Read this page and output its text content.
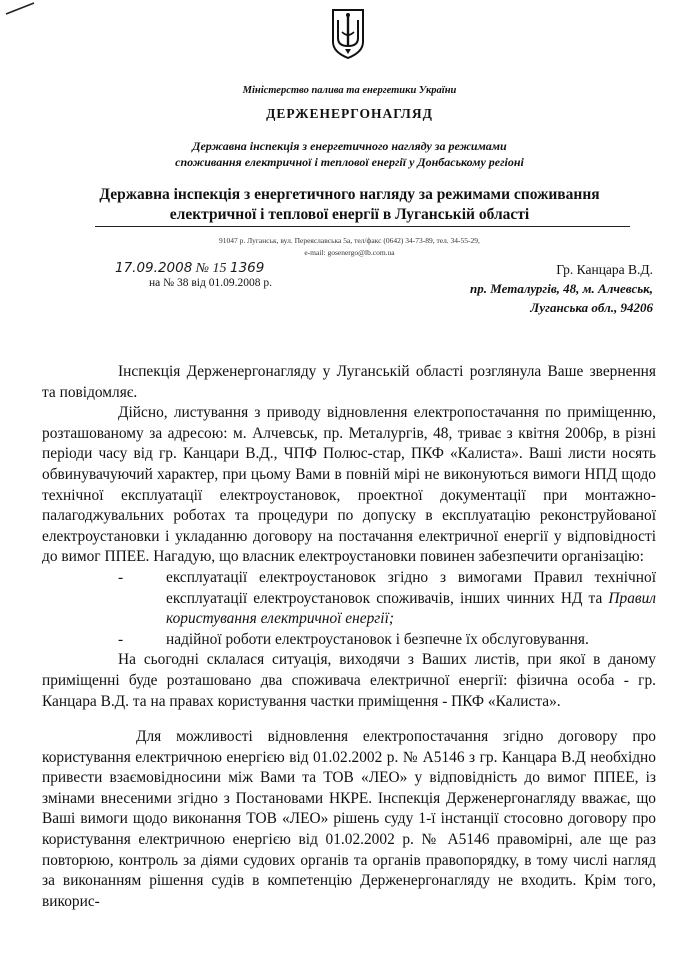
Міністерство палива та енергетики України
ДЕРЖЕНЕРГОНАГЛЯД
Державна інспекція з енергетичного нагляду за режимами
споживання електричної і теплової енергії у Донбаському регіоні
Державна інспекція з енергетичного нагляду за режимами споживання
електричної і теплової енергії в Луганській області
91047 р. Луганськ, вул. Переяславська 5а, тел/факс (0642) 34-73-89, тел. 34-55-29,
e-mail: gosenergo@lb.com.ua
17.09.2008 № 15 1369
на № 38 від 01.09.2008 р.
Гр. Канцара В.Д.
пр. Металургів, 48, м. Алчевськ,
Луганська обл., 94206

Інспекція Держенергонагляду у Луганській області розглянула Ваше звернення та повідомляє.

Дійсно, листування з приводу відновлення електропостачання по приміщенню, розташованому за адресою: м. Алчевськ, пр. Металургів, 48, триває з квітня 2006р, в різні періоди часу від гр. Канцари В.Д., ЧПФ Полюс-стар, ПКФ «Калиста». Ваші листи носять обвинувачуючий характер, при цьому Вами в повній мірі не виконуються вимоги НПД щодо технічної експлуатації електроустановок, проектної документації при монтажно-палагоджувальних роботах та процедури по допуску в експлуатацію реконструйованої електроустановки і укладанню договору на постачання електричної енергії у відповідності до вимог ППЕЕ. Нагадую, що власник електроустановки повинен забезпечити організацію:

-	експлуатації електроустановок згідно з вимогами Правил технічної експлуатації електроустановок споживачів, інших чинних НД та Правил користування електричної енергії;
-	надійної роботи електроустановок і безпечне їх обслуговування.

На сьогодні склалася ситуація, виходячи з Ваших листів, при якої в даному приміщенні буде розташовано два споживача електричної енергії: фізична особа - гр. Канцара В.Д. та на правах користування частки приміщення - ПКФ «Калиста».

Для можливості відновлення електропостачання згідно договору про користування електричною енергією від 01.02.2002 р. № А5146 з гр. Канцара В.Д необхідно привести взаємовідносини між Вами та ТОВ «ЛЕО» у відповідність до вимог ППЕЕ, із змінами внесеними згідно з Постановами НКРЕ. Інспекція Держенергонагляду вважає, що Ваші вимоги щодо виконання ТОВ «ЛЕО» рішень суду 1-ї інстанції стосовно договору про користування електричною енергією від 01.02.2002 р. № А5146 правомірні, але ще раз повторюю, контроль за діями судових органів та органів правопорядку, в тому числі нагляд за виконанням рішення судів в компетенцію Держенергонагляду не входить. Крім того, викорис-
